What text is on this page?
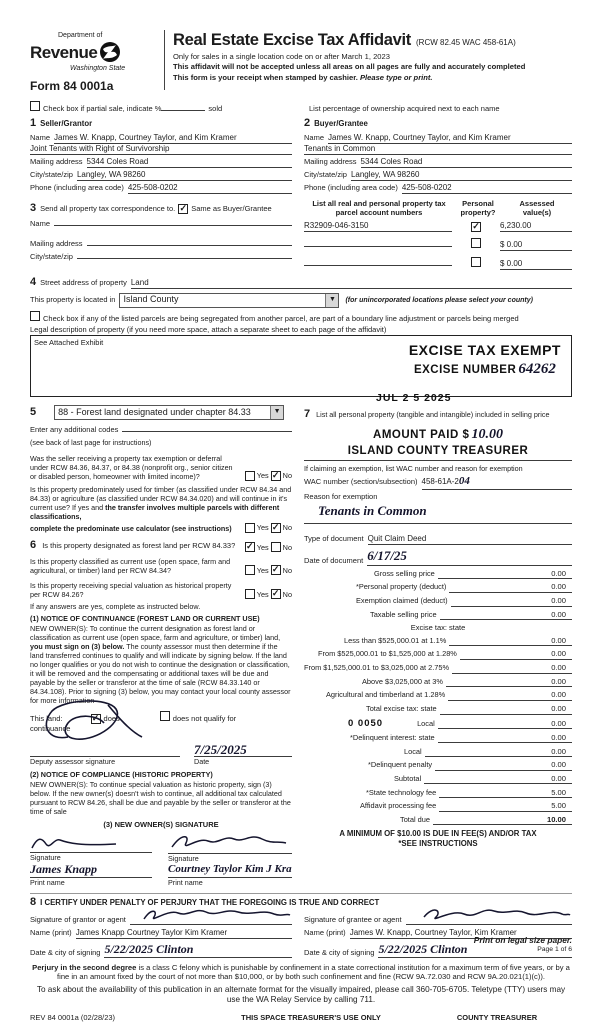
Department of
Revenue
Washington State
Form 84 0001a
Real Estate Excise Tax Affidavit (RCW 82.45 WAC 458-61A)
Only for sales in a single location code on or after March 1, 2023
This affidavit will not be accepted unless all areas on all pages are fully and accurately completed
This form is your receipt when stamped by cashier. Please type or print.
Check box if partial sale, indicate %	sold	List percentage of ownership acquired next to each name
1 Seller/Grantor
Name James W. Knapp, Courtney Taylor, and Kim Kramer
Joint Tenants with Right of Survivorship
Mailing address 5344 Coles Road
City/state/zip Langley, WA 98260
Phone (including area code) 425-508-0202
3 Send all property tax correspondence to. ✓ Same as Buyer/Grantee
Name
Mailing address
City/state/zip
2 Buyer/Grantee
Name James W. Knapp, Courtney Taylor, and Kim Kramer
Tenants in Common
Mailing address 5344 Coles Road
City/state/zip Langley, WA 98260
Phone (including area code) 425-508-0202
List all real and personal property tax parcel account numbers
Personal
property?
Assessed
value(s)
R32909-046-3150	✓	6,230.00
$ 0.00
$ 0.00
4 Street address of property Land
This property is located in Island County	▼	(for unincorporated locations please select your county)
Check box if any of the listed parcels are being segregated from another parcel, are part of a boundary line adjustment or parcels being merged
Legal description of property (if you need more space, attach a separate sheet to each page of the affidavit)
See Attached Exhibit	EXCISE TAX EXEMPT
EXCISE NUMBER 64262
JUL 2 5 2025
5	88 - Forest land designated under chapter 84.33	▼
Enter any additional codes
(see back of last page for instructions)
Was the seller receiving a property tax exemption or deferral under RCW 84.36, 84.37, or 84.38 (nonprofit org., senior citizen or disabled person, homeowner with limited income)?	Yes ✓ No
Is this property predominately used for timber (as classified under RCW 84.34 and 84.33) or agriculture (as classified under RCW 84.34.020) and will continue in it's current use? If yes and the transfer involves multiple parcels with different classifications,
complete the predominate use calculator (see instructions)	Yes ✓ No
6 Is this property designated as forest land per RCW 84.33?	✓ Yes No
Is this property classified as current use (open space, farm and agricultural, or timber) land per RCW 84.34?	Yes ✓ No
Is this property receiving special valuation as historical property per RCW 84.26?	Yes ✓ No
If any answers are yes, complete as instructed below.
(1) NOTICE OF CONTINUANCE (FOREST LAND OR CURRENT USE)
NEW OWNER(S): To continue the current designation as forest land or classification as current use (open space, farm and agriculture, or timber) land, you must sign on (3) below. The county assessor must then determine if the land transferred continues to qualify and will indicate by signing below. If the land no longer qualifies or you do not wish to continue the designation or classification, it will be removed and the compensating or additional taxes will be due and payable by the seller or transferor at the time of sale (RCW 84.33.140 or 84.34.108). Prior to signing (3) below, you may contact your local county assessor for more information
This land:	✓ does	does not qualify for
continuance
Deputy assessor signature
7/25/2025
Date
(2) NOTICE OF COMPLIANCE (HISTORIC PROPERTY)
NEW OWNER(S): To continue special valuation as historic property, sign (3) below. If the new owner(s) doesn't wish to continue, all additional tax calculated pursuant to RCW 84.26, shall be due and payable by the seller or transferor at the time of sale
(3) NEW OWNER(S) SIGNATURE
Signature
James Knapp
Print name
Signature
Courtney Taylor Kim J Kra
Print name
7 List all personal property (tangible and intangible) included in selling price
AMOUNT PAID $ 10.00
ISLAND COUNTY TREASURER
If claiming an exemption, list WAC number and reason for exemption
WAC number (section/subsection) 458-61A-204
Reason for exemption
Tenants in Common
Type of document Quit Claim Deed
Date of document 6/17/25
Gross selling price	0.00
*Personal property (deduct)	0.00
Exemption claimed (deduct)	0.00
Taxable selling price	0.00
Excise tax: state
Less than $525,000.01 at 1.1%	0.00
From $525,000.01 to $1,525,000 at 1.28%	0.00
From $1,525,000.01 to $3,025,000 at 2.75%	0.00
Above $3,025,000 at 3%	0.00
Agricultural and timberland at 1.28%	0.00
Total excise tax: state	0.00
0 0050	Local	0.00
*Delinquent interest: state	0.00
Local	0.00
*Delinquent penalty	0.00
Subtotal	0.00
*State technology fee	5.00
Affidavit processing fee	5.00
Total due	10.00
A MINIMUM OF $10.00 IS DUE IN FEE(S) AND/OR TAX
*SEE INSTRUCTIONS
8 I CERTIFY UNDER PENALTY OF PERJURY THAT THE FOREGOING IS TRUE AND CORRECT
Signature of grantor or agent
Name (print) James Knapp Courtney Taylor Kim Kramer
Date & city of signing 5/22/2025 Clinton
Signature of grantee or agent
Name (print) James W. Knapp, Courtney Taylor, Kim Kramer
Date & city of signing 5/22/2025 Clinton
Perjury in the second degree is a class C felony which is punishable by confinement in a state correctional institution for a maximum term of five years, or by a fine in an amount fixed by the court of not more than $10,000, or by both such confinement and fine (RCW 9A.72.030 and RCW 9A.20.021(1)(c)).
To ask about the availability of this publication in an alternate format for the visually impaired, please call 360-705-6705. Teletype (TTY) users may use the WA Relay Service by calling 711.
REV 84 0001a (02/28/23)	THIS SPACE TREASURER'S USE ONLY	COUNTY TREASURER
Print on legal size paper.
Page 1 of 6
